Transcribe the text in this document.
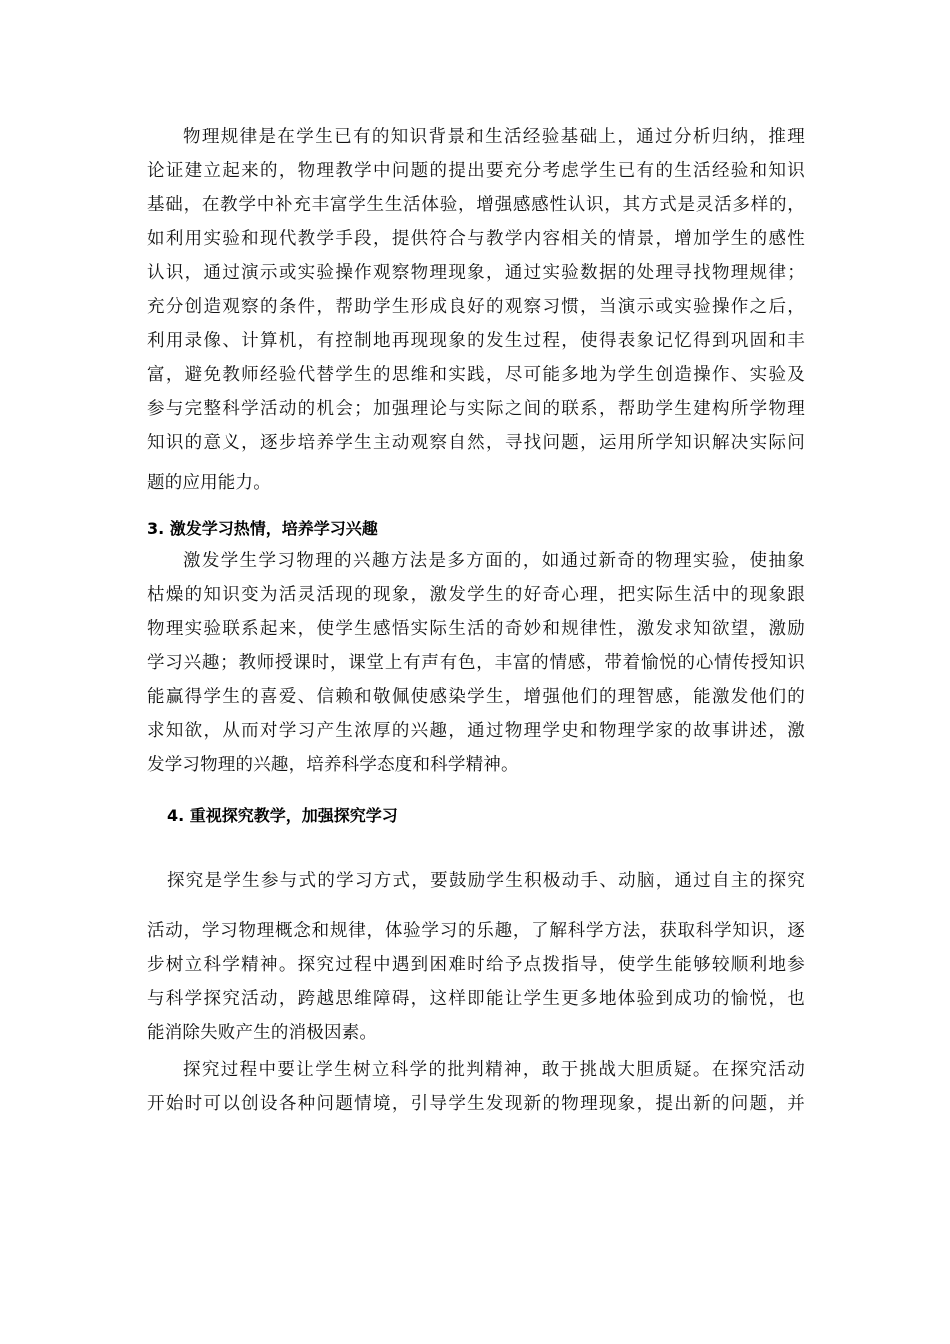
物理规律是在学生已有的知识背景和生活经验基础上，通过分析归纳，推理
论证建立起来的，物理教学中问题的提出要充分考虑学生已有的生活经验和知识
基础，在教学中补充丰富学生生活体验，增强感感性认识，其方式是灵活多样的，
如利用实验和现代教学手段，提供符合与教学内容相关的情景，增加学生的感性
认识，通过演示或实验操作观察物理现象，通过实验数据的处理寻找物理规律；
充分创造观察的条件，帮助学生形成良好的观察习惯，当演示或实验操作之后，
利用录像、计算机，有控制地再现现象的发生过程，使得表象记忆得到巩固和丰
富，避免教师经验代替学生的思维和实践，尽可能多地为学生创造操作、实验及
参与完整科学活动的机会；加强理论与实际之间的联系，帮助学生建构所学物理
知识的意义，逐步培养学生主动观察自然，寻找问题，运用所学知识解决实际问
题的应用能力。
3. 激发学习热情，培养学习兴趣
激发学生学习物理的兴趣方法是多方面的，如通过新奇的物理实验，使抽象
枯燥的知识变为活灵活现的现象，激发学生的好奇心理，把实际生活中的现象跟
物理实验联系起来，使学生感悟实际生活的奇妙和规律性，激发求知欲望，激励
学习兴趣；教师授课时，课堂上有声有色，丰富的情感，带着愉悦的心情传授知识
能赢得学生的喜爱、信赖和敬佩使感染学生，增强他们的理智感，能激发他们的
求知欲，从而对学习产生浓厚的兴趣，通过物理学史和物理学家的故事讲述，激
发学习物理的兴趣，培养科学态度和科学精神。
4. 重视探究教学，加强探究学习
探究是学生参与式的学习方式，要鼓励学生积极动手、动脑，通过自主的探究
活动，学习物理概念和规律，体验学习的乐趣，了解科学方法，获取科学知识，逐
步树立科学精神。探究过程中遇到困难时给予点拨指导，使学生能够较顺利地参
与科学探究活动，跨越思维障碍，这样即能让学生更多地体验到成功的愉悦，也
能消除失败产生的消极因素。
探究过程中要让学生树立科学的批判精神，敢于挑战大胆质疑。在探究活动
开始时可以创设各种问题情境，引导学生发现新的物理现象，提出新的问题，并
